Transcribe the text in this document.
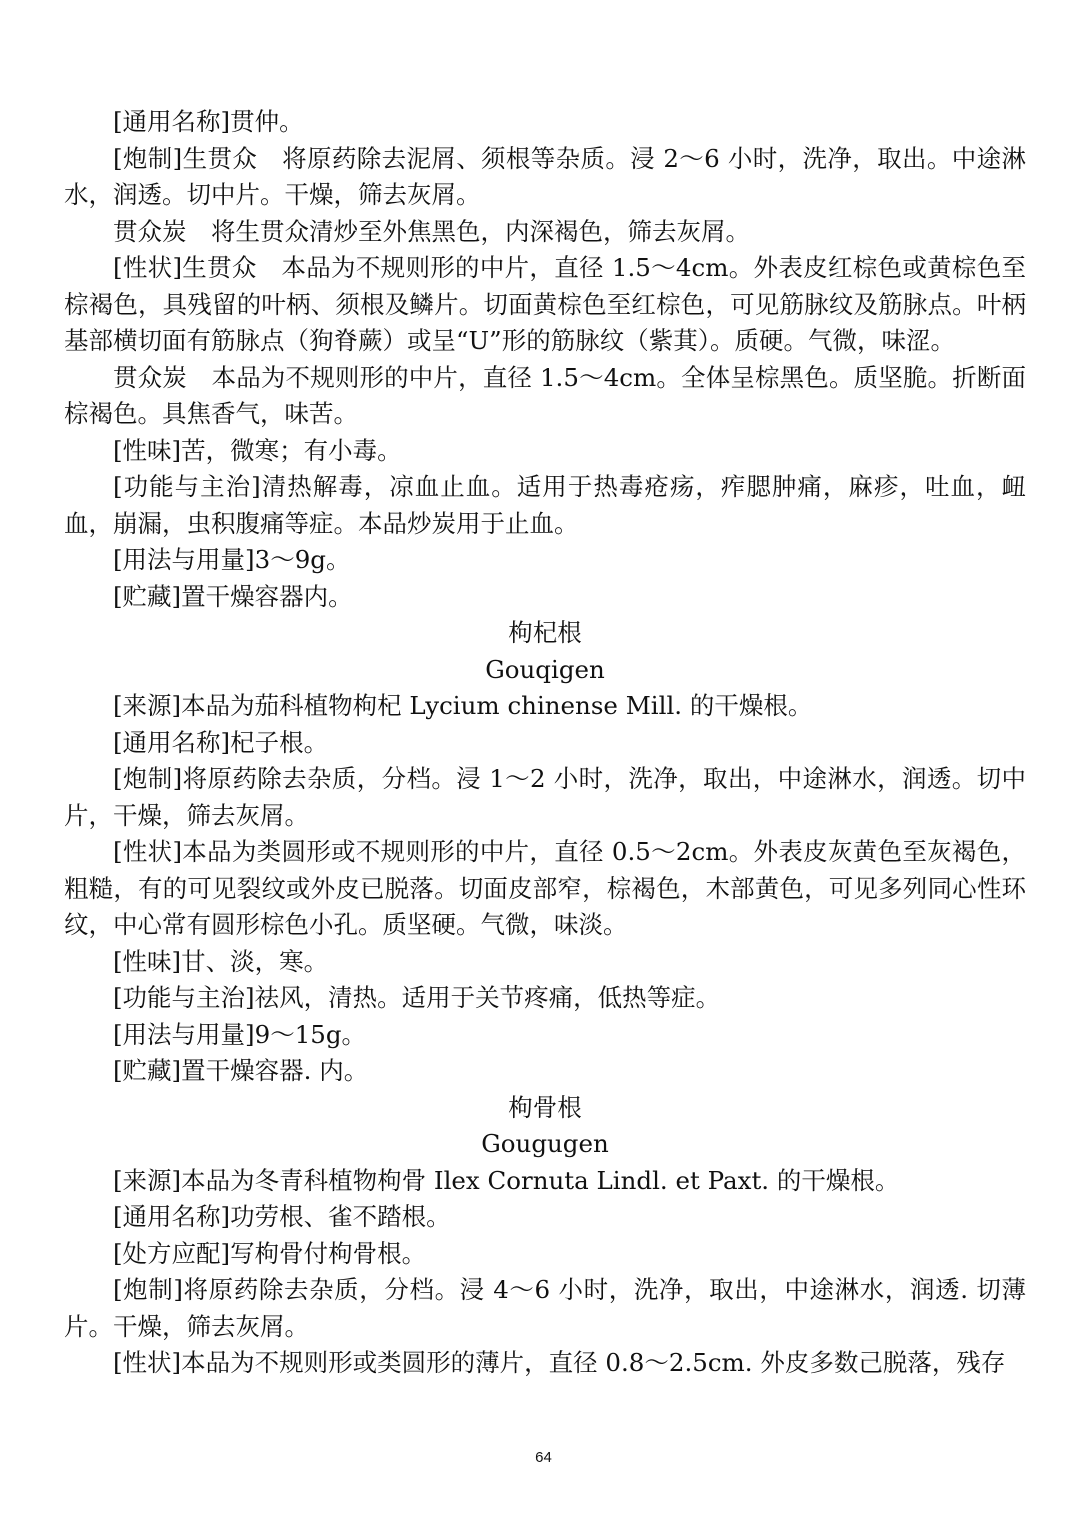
[通用名称]贯仲。

[炮制]生贯众　将原药除去泥屑、须根等杂质。浸 2～6 小时，洗净，取出。中途淋水，润透。切中片。干燥，筛去灰屑。

贯众炭　将生贯众清炒至外焦黑色，内深褐色，筛去灰屑。

[性状]生贯众　本品为不规则形的中片，直径 1.5～4cm。外表皮红棕色或黄棕色至棕褐色，具残留的叶柄、须根及鳞片。切面黄棕色至红棕色，可见筋脉纹及筋脉点。叶柄基部横切面有筋脉点（狗脊蕨）或呈“U”形的筋脉纹（紫萁）。质硬。气微，味涩。

贯众炭　本品为不规则形的中片，直径 1.5～4cm。全体呈棕黑色。质坚脆。折断面棕褐色。具焦香气，味苦。

[性味]苦，微寒；有小毒。

[功能与主治]清热解毒，凉血止血。适用于热毒疮疡，痄腮肿痛，麻疹，吐血，衄血，崩漏，虫积腹痛等症。本品炒炭用于止血。

[用法与用量]3～9g。

[贮藏]置干燥容器内。

枸杞根

Gouqigen

[来源]本品为茄科植物枸杞 Lycium chinense Mill. 的干燥根。

[通用名称]杞子根。

[炮制]将原药除去杂质，分档。浸 1～2 小时，洗净，取出，中途淋水，润透。切中片，干燥，筛去灰屑。

[性状]本品为类圆形或不规则形的中片，直径 0.5～2cm。外表皮灰黄色至灰褐色，粗糙，有的可见裂纹或外皮已脱落。切面皮部窄，棕褐色，木部黄色，可见多列同心性环纹，中心常有圆形棕色小孔。质坚硬。气微，味淡。

[性味]甘、淡，寒。

[功能与主治]祛风，清热。适用于关节疼痛，低热等症。

[用法与用量]9～15g。

[贮藏]置干燥容器. 内。

枸骨根

Gougugen

[来源]本品为冬青科植物枸骨 Ilex Cornuta Lindl. et Paxt. 的干燥根。

[通用名称]功劳根、雀不踏根。

[处方应配]写枸骨付枸骨根。

[炮制]将原药除去杂质，分档。浸 4～6 小时，洗净，取出，中途淋水，润透. 切薄片。干燥，筛去灰屑。

[性状]本品为不规则形或类圆形的薄片，直径 0.8～2.5cm. 外皮多数己脱落，残存

64
